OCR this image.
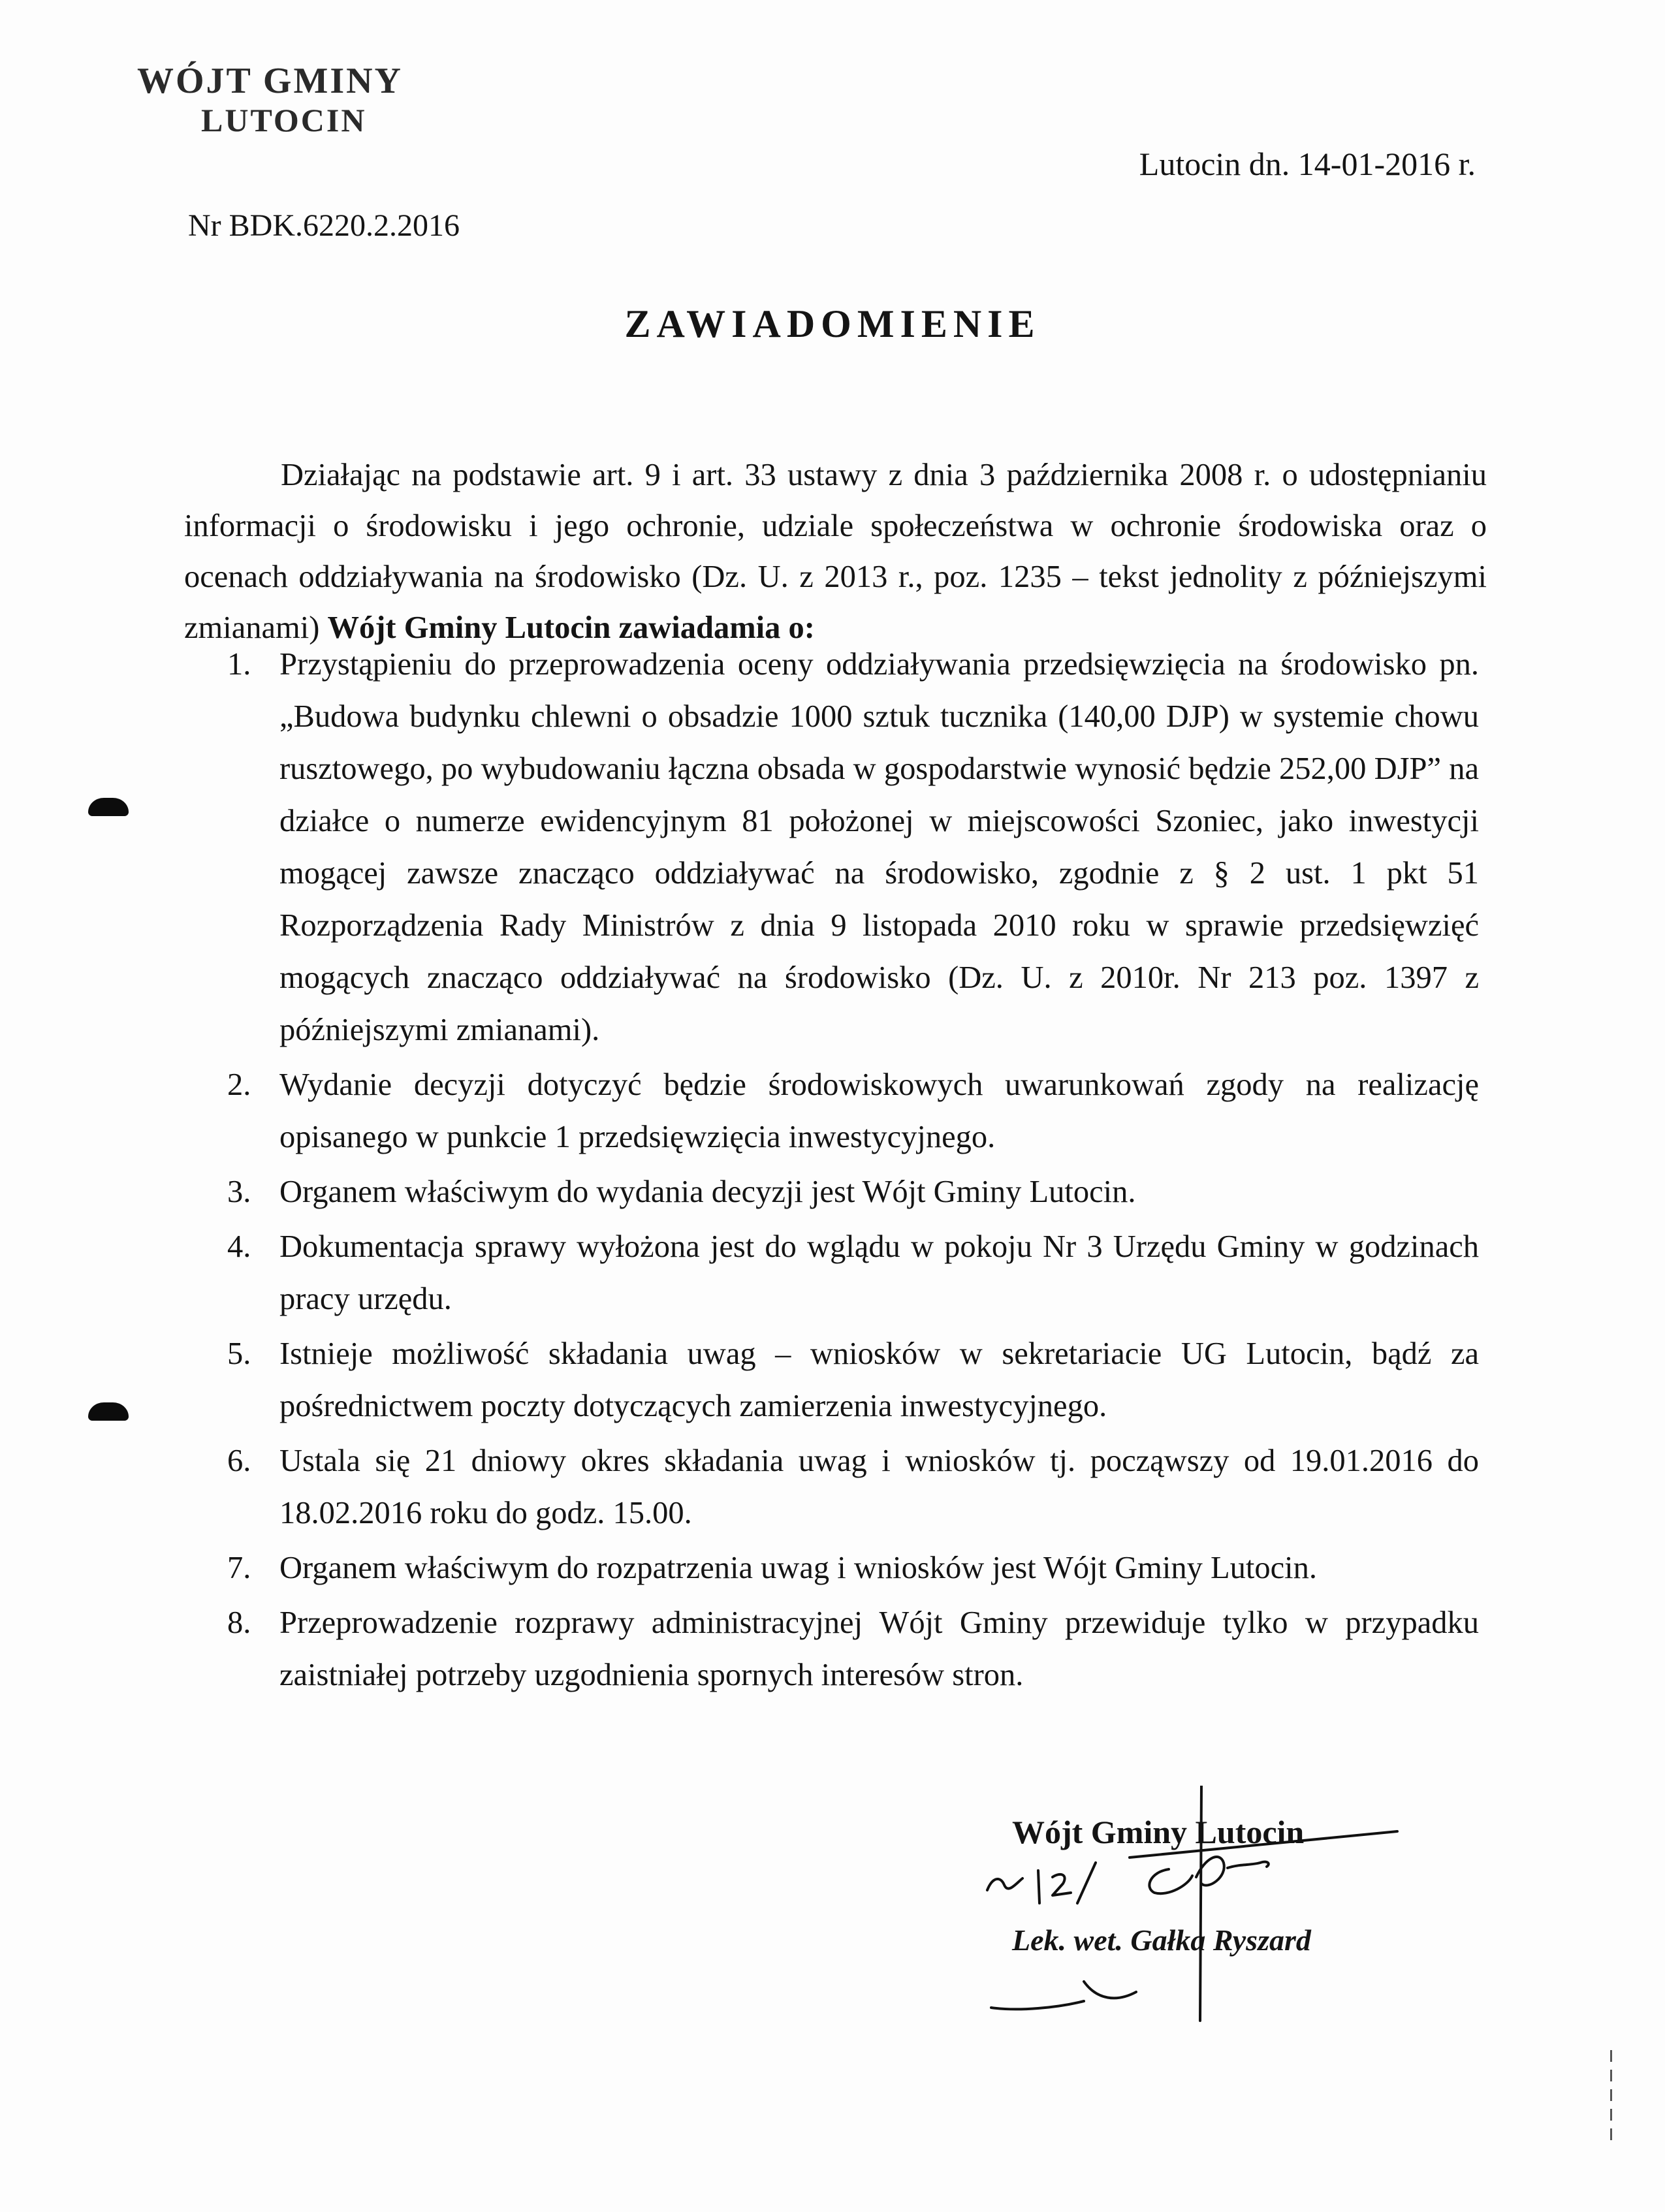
WÓJT GMINY
LUTOCIN
Lutocin dn. 14-01-2016 r.
Nr BDK.6220.2.2016
ZAWIADOMIENIE

Działając na podstawie art. 9 i art. 33 ustawy z dnia 3 października 2008 r. o udostępnianiu informacji o środowisku i jego ochronie, udziale społeczeństwa w ochronie środowiska oraz o ocenach oddziaływania na środowisko (Dz. U. z 2013 r., poz. 1235 – tekst jednolity z późniejszymi zmianami) Wójt Gminy Lutocin zawiadamia o:

1. Przystąpieniu do przeprowadzenia oceny oddziaływania przedsięwzięcia na środowisko pn. „Budowa budynku chlewni o obsadzie 1000 sztuk tucznika (140,00 DJP) w systemie chowu rusztowego, po wybudowaniu łączna obsada w gospodarstwie wynosić będzie 252,00 DJP” na działce o numerze ewidencyjnym 81 położonej w miejscowości Szoniec, jako inwestycji mogącej zawsze znacząco oddziaływać na środowisko, zgodnie z § 2 ust. 1 pkt 51 Rozporządzenia Rady Ministrów z dnia 9 listopada 2010 roku w sprawie przedsięwzięć mogących znacząco oddziaływać na środowisko (Dz. U. z 2010r. Nr 213 poz. 1397 z późniejszymi zmianami).
2. Wydanie decyzji dotyczyć będzie środowiskowych uwarunkowań zgody na realizację opisanego w punkcie 1 przedsięwzięcia inwestycyjnego.
3. Organem właściwym do wydania decyzji jest Wójt Gminy Lutocin.
4. Dokumentacja sprawy wyłożona jest do wglądu w pokoju Nr 3 Urzędu Gminy w godzinach pracy urzędu.
5. Istnieje możliwość składania uwag – wniosków w sekretariacie UG Lutocin, bądź za pośrednictwem poczty dotyczących zamierzenia inwestycyjnego.
6. Ustala się 21 dniowy okres składania uwag i wniosków tj. począwszy od 19.01.2016 do 18.02.2016 roku do godz. 15.00.
7. Organem właściwym do rozpatrzenia uwag i wniosków jest Wójt Gminy Lutocin.
8. Przeprowadzenie rozprawy administracyjnej Wójt Gminy przewiduje tylko w przypadku zaistniałej potrzeby uzgodnienia spornych interesów stron.
Wójt Gminy Lutocin
Lek. wet. Gałka Ryszard
